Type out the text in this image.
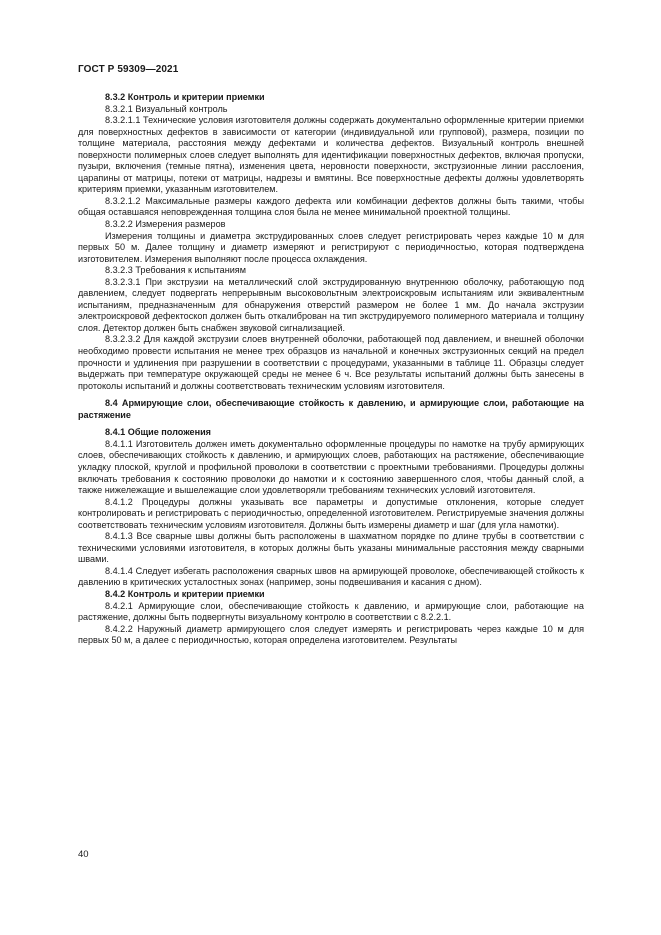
ГОСТ Р 59309—2021

8.3.2 Контроль и критерии приемки

8.3.2.1 Визуальный контроль

8.3.2.1.1 Технические условия изготовителя должны содержать документально оформленные критерии приемки для поверхностных дефектов в зависимости от категории (индивидуальной или групповой), размера, позиции по толщине материала, расстояния между дефектами и количества дефектов. Визуальный контроль внешней поверхности полимерных слоев следует выполнять для идентификации поверхностных дефектов, включая пропуски, пузыри, включения (темные пятна), изменения цвета, неровности поверхности, экструзионные линии расслоения, царапины от матрицы, потеки от матрицы, надрезы и вмятины. Все поверхностные дефекты должны удовлетворять критериям приемки, указанным изготовителем.

8.3.2.1.2 Максимальные размеры каждого дефекта или комбинации дефектов должны быть такими, чтобы общая оставшаяся неповрежденная толщина слоя была не менее минимальной проектной толщины.

8.3.2.2 Измерения размеров

Измерения толщины и диаметра экструдированных слоев следует регистрировать через каждые 10 м для первых 50 м. Далее толщину и диаметр измеряют и регистрируют с периодичностью, которая подтверждена изготовителем. Измерения выполняют после процесса охлаждения.

8.3.2.3 Требования к испытаниям

8.3.2.3.1 При экструзии на металлический слой экструдированную внутреннюю оболочку, работающую под давлением, следует подвергать непрерывным высоковольтным электроискровым испытаниям или эквивалентным испытаниям, предназначенным для обнаружения отверстий размером не более 1 мм. До начала экструзии электроискровой дефектоскоп должен быть откалиброван на тип экструдируемого полимерного материала и толщину слоя. Детектор должен быть снабжен звуковой сигнализацией.

8.3.2.3.2 Для каждой экструзии слоев внутренней оболочки, работающей под давлением, и внешней оболочки необходимо провести испытания не менее трех образцов из начальной и конечных экструзионных секций на предел прочности и удлинения при разрушении в соответствии с процедурами, указанными в таблице 11. Образцы следует выдержать при температуре окружающей среды не менее 6 ч. Все результаты испытаний должны быть занесены в протоколы испытаний и должны соответствовать техническим условиям изготовителя.

8.4 Армирующие слои, обеспечивающие стойкость к давлению, и армирующие слои, работающие на растяжение

8.4.1 Общие положения

8.4.1.1 Изготовитель должен иметь документально оформленные процедуры по намотке на трубу армирующих слоев, обеспечивающих стойкость к давлению, и армирующих слоев, работающих на растяжение, обеспечивающие укладку плоской, круглой и профильной проволоки в соответствии с проектными требованиями. Процедуры должны включать требования к состоянию проволоки до намотки и к состоянию завершенного слоя, чтобы данный слой, а также нижележащие и вышележащие слои удовлетворяли требованиям технических условий изготовителя.

8.4.1.2 Процедуры должны указывать все параметры и допустимые отклонения, которые следует контролировать и регистрировать с периодичностью, определенной изготовителем. Регистрируемые значения должны соответствовать техническим условиям изготовителя. Должны быть измерены диаметр и шаг (для угла намотки).

8.4.1.3 Все сварные швы должны быть расположены в шахматном порядке по длине трубы в соответствии с техническими условиями изготовителя, в которых должны быть указаны минимальные расстояния между сварными швами.

8.4.1.4 Следует избегать расположения сварных швов на армирующей проволоке, обеспечивающей стойкость к давлению в критических усталостных зонах (например, зоны подвешивания и касания с дном).

8.4.2 Контроль и критерии приемки

8.4.2.1 Армирующие слои, обеспечивающие стойкость к давлению, и армирующие слои, работающие на растяжение, должны быть подвергнуты визуальному контролю в соответствии с 8.2.2.1.

8.4.2.2 Наружный диаметр армирующего слоя следует измерять и регистрировать через каждые 10 м для первых 50 м, а далее с периодичностью, которая определена изготовителем. Результаты

40
